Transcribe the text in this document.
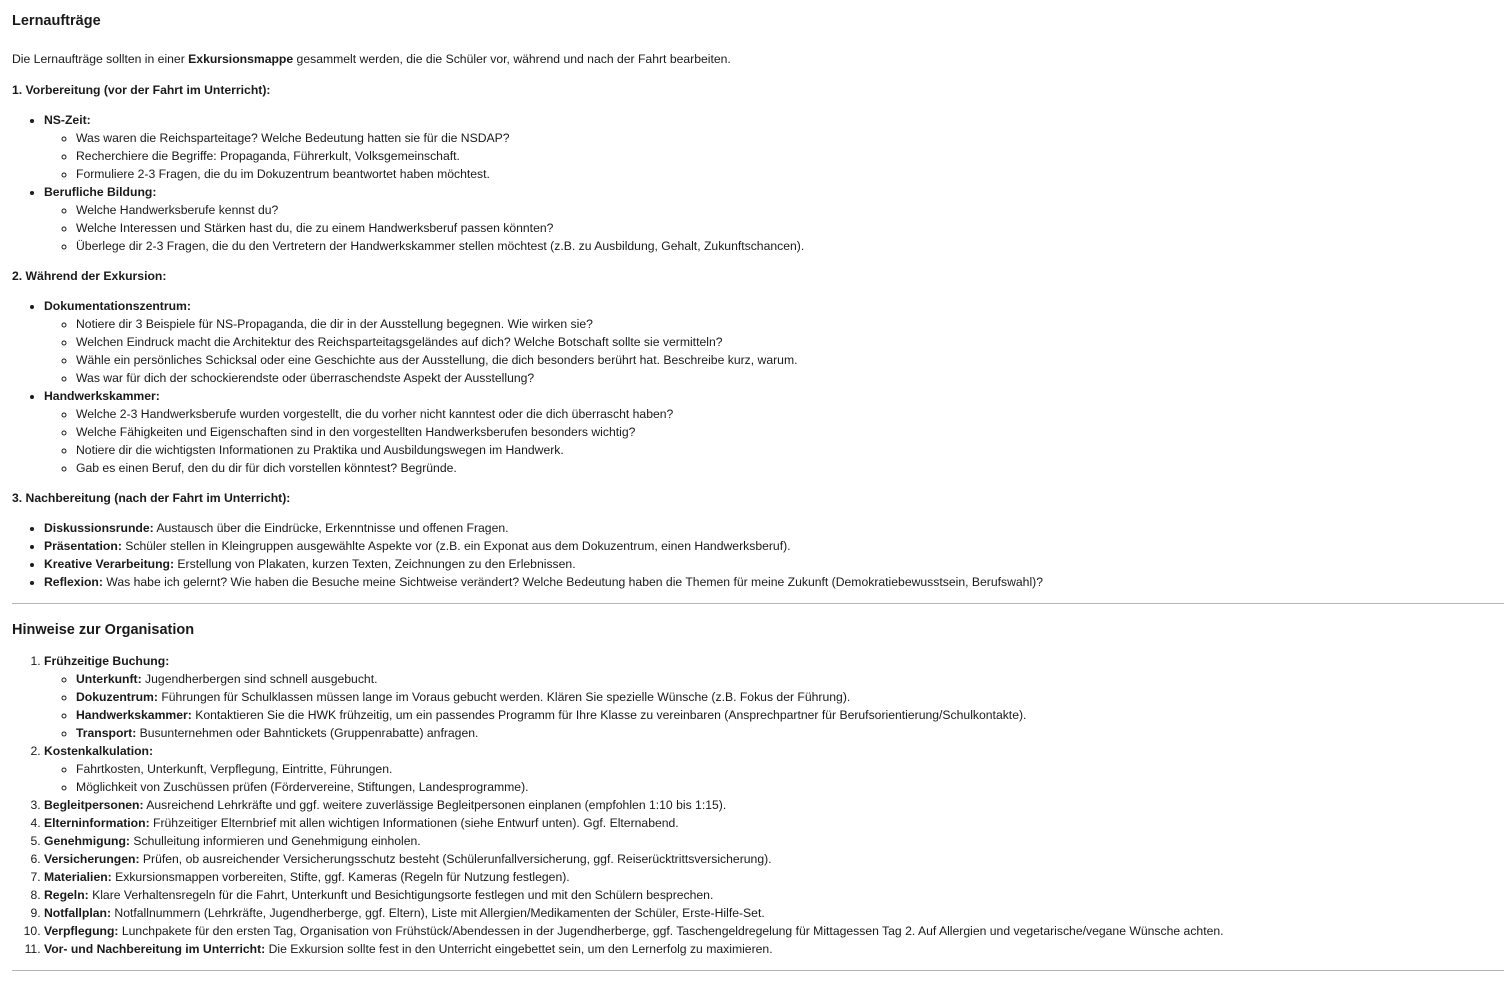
Lernaufträge

Die Lernaufträge sollten in einer Exkursionsmappe gesammelt werden, die die Schüler vor, während und nach der Fahrt bearbeiten.

1. Vorbereitung (vor der Fahrt im Unterricht):

• NS-Zeit:
◦ Was waren die Reichsparteitage? Welche Bedeutung hatten sie für die NSDAP?
◦ Recherchiere die Begriffe: Propaganda, Führerkult, Volksgemeinschaft.
◦ Formuliere 2-3 Fragen, die du im Dokuzentrum beantwortet haben möchtest.
• Berufliche Bildung:
◦ Welche Handwerksberufe kennst du?
◦ Welche Interessen und Stärken hast du, die zu einem Handwerksberuf passen könnten?
◦ Überlege dir 2-3 Fragen, die du den Vertretern der Handwerkskammer stellen möchtest (z.B. zu Ausbildung, Gehalt, Zukunftschancen).

2. Während der Exkursion:

• Dokumentationszentrum:
◦ Notiere dir 3 Beispiele für NS-Propaganda, die dir in der Ausstellung begegnen. Wie wirken sie?
◦ Welchen Eindruck macht die Architektur des Reichsparteitagsgeländes auf dich? Welche Botschaft sollte sie vermitteln?
◦ Wähle ein persönliches Schicksal oder eine Geschichte aus der Ausstellung, die dich besonders berührt hat. Beschreibe kurz, warum.
◦ Was war für dich der schockierendste oder überraschendste Aspekt der Ausstellung?
• Handwerkskammer:
◦ Welche 2-3 Handwerksberufe wurden vorgestellt, die du vorher nicht kanntest oder die dich überrascht haben?
◦ Welche Fähigkeiten und Eigenschaften sind in den vorgestellten Handwerksberufen besonders wichtig?
◦ Notiere dir die wichtigsten Informationen zu Praktika und Ausbildungswegen im Handwerk.
◦ Gab es einen Beruf, den du dir für dich vorstellen könntest? Begründe.

3. Nachbereitung (nach der Fahrt im Unterricht):

• Diskussionsrunde: Austausch über die Eindrücke, Erkenntnisse und offenen Fragen.
• Präsentation: Schüler stellen in Kleingruppen ausgewählte Aspekte vor (z.B. ein Exponat aus dem Dokuzentrum, einen Handwerksberuf).
• Kreative Verarbeitung: Erstellung von Plakaten, kurzen Texten, Zeichnungen zu den Erlebnissen.
• Reflexion: Was habe ich gelernt? Wie haben die Besuche meine Sichtweise verändert? Welche Bedeutung haben die Themen für meine Zukunft (Demokratiebewusstsein, Berufswahl)?
Hinweise zur Organisation
1. Frühzeitige Buchung:
◦ Unterkunft: Jugendherbergen sind schnell ausgebucht.
◦ Dokuzentrum: Führungen für Schulklassen müssen lange im Voraus gebucht werden. Klären Sie spezielle Wünsche (z.B. Fokus der Führung).
◦ Handwerkskammer: Kontaktieren Sie die HWK frühzeitig, um ein passendes Programm für Ihre Klasse zu vereinbaren (Ansprechpartner für Berufsorientierung/Schulkontakte).
◦ Transport: Busunternehmen oder Bahntickets (Gruppenrabatte) anfragen.
2. Kostenkalkulation:
◦ Fahrtkosten, Unterkunft, Verpflegung, Eintritte, Führungen.
◦ Möglichkeit von Zuschüssen prüfen (Fördervereine, Stiftungen, Landesprogramme).
3. Begleitpersonen: Ausreichend Lehrkräfte und ggf. weitere zuverlässige Begleitpersonen einplanen (empfohlen 1:10 bis 1:15).
4. Elterninformation: Frühzeitiger Elternbrief mit allen wichtigen Informationen (siehe Entwurf unten). Ggf. Elternabend.
5. Genehmigung: Schulleitung informieren und Genehmigung einholen.
6. Versicherungen: Prüfen, ob ausreichender Versicherungsschutz besteht (Schülerunfallversicherung, ggf. Reiserücktrittsversicherung).
7. Materialien: Exkursionsmappen vorbereiten, Stifte, ggf. Kameras (Regeln für Nutzung festlegen).
8. Regeln: Klare Verhaltensregeln für die Fahrt, Unterkunft und Besichtigungsorte festlegen und mit den Schülern besprechen.
9. Notfallplan: Notfallnummern (Lehrkräfte, Jugendherberge, ggf. Eltern), Liste mit Allergien/Medikamenten der Schüler, Erste-Hilfe-Set.
10. Verpflegung: Lunchpakete für den ersten Tag, Organisation von Frühstück/Abendessen in der Jugendherberge, ggf. Taschengeldregelung für Mittagessen Tag 2. Auf Allergien und vegetarische/vegane Wünsche achten.
11. Vor- und Nachbereitung im Unterricht: Die Exkursion sollte fest in den Unterricht eingebettet sein, um den Lernerfolg zu maximieren.
